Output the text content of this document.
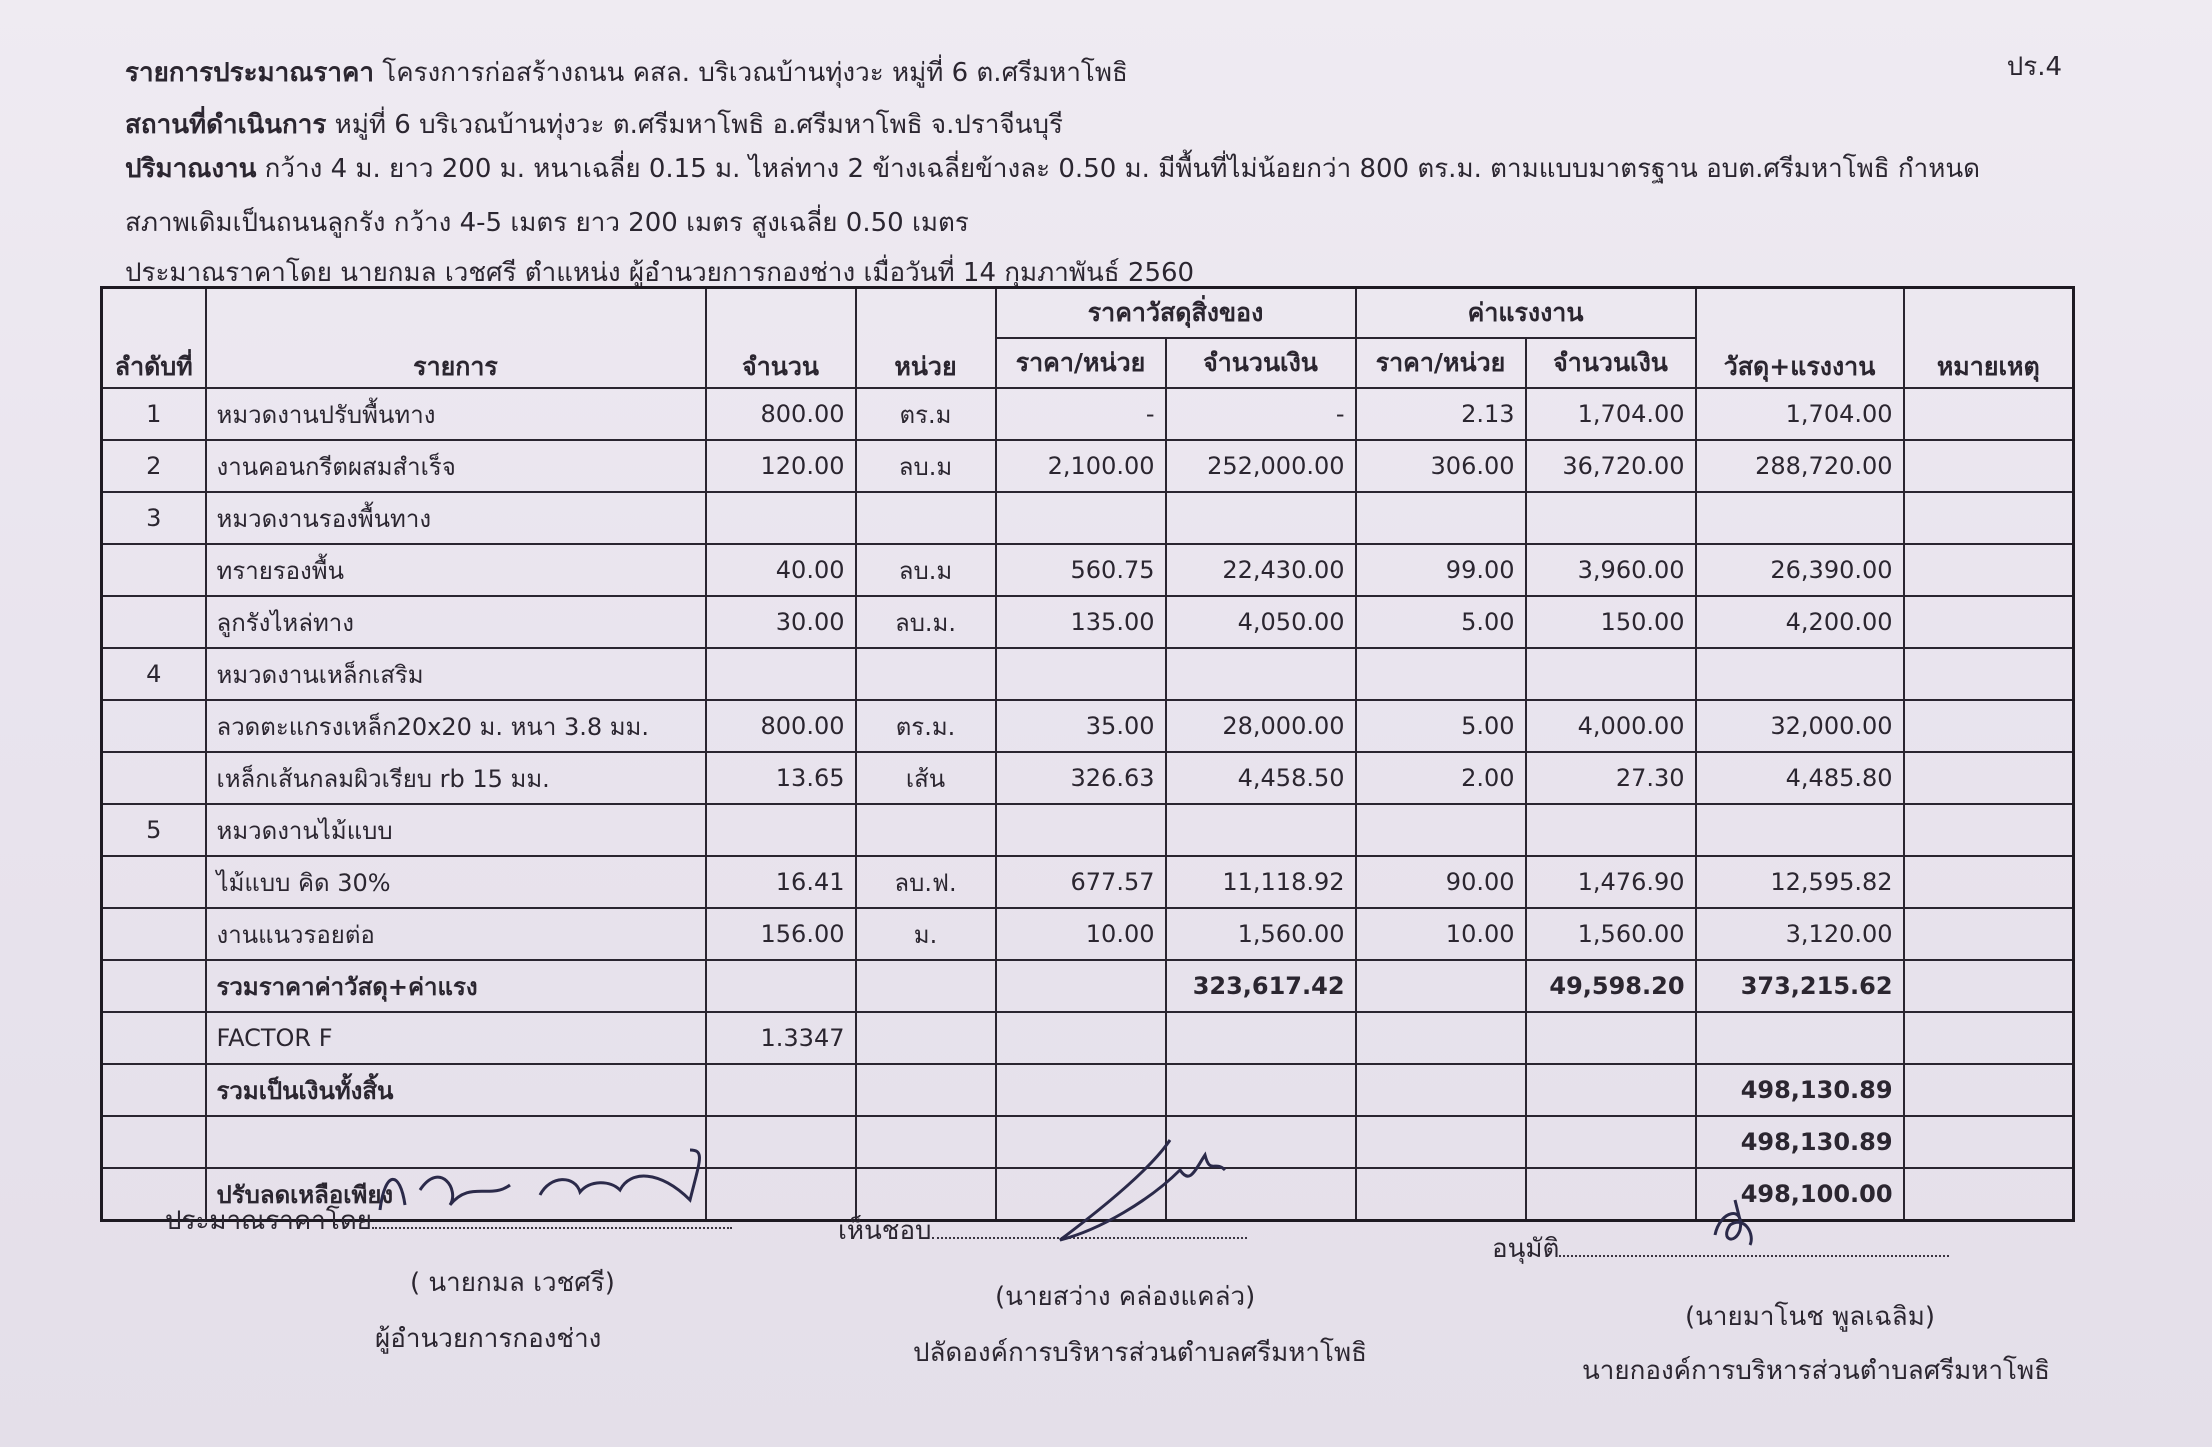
ปร.4
รายการประมาณราคา โครงการก่อสร้างถนน คสล. บริเวณบ้านทุ่งวะ หมู่ที่ 6 ต.ศรีมหาโพธิ
สถานที่ดำเนินการ หมู่ที่ 6 บริเวณบ้านทุ่งวะ ต.ศรีมหาโพธิ อ.ศรีมหาโพธิ จ.ปราจีนบุรี
ปริมาณงาน กว้าง 4 ม. ยาว 200 ม. หนาเฉลี่ย 0.15 ม. ไหล่ทาง 2 ข้างเฉลี่ยข้างละ 0.50 ม. มีพื้นที่ไม่น้อยกว่า 800 ตร.ม. ตามแบบมาตรฐาน อบต.ศรีมหาโพธิ กำหนด
สภาพเดิมเป็นถนนลูกรัง กว้าง 4-5 เมตร ยาว 200 เมตร สูงเฉลี่ย 0.50 เมตร
ประมาณราคาโดย นายกมล เวชศรี ตำแหน่ง ผู้อำนวยการกองช่าง เมื่อวันที่ 14 กุมภาพันธ์ 2560
ลำดับที่	รายการ	จำนวน	หน่วย	ราคาวัสดุสิ่งของ		ค่าแรงงาน		วัสดุ+แรงงาน	หมายเหตุ
				ราคา/หน่วย	จำนวนเงิน	ราคา/หน่วย	จำนวนเงิน		
1	หมวดงานปรับพื้นทาง	800.00	ตร.ม	-	-	2.13	1,704.00	1,704.00	
2	งานคอนกรีตผสมสำเร็จ	120.00	ลบ.ม	2,100.00	252,000.00	306.00	36,720.00	288,720.00	
3	หมวดงานรองพื้นทาง								
	ทรายรองพื้น	40.00	ลบ.ม	560.75	22,430.00	99.00	3,960.00	26,390.00	
	ลูกรังไหล่ทาง	30.00	ลบ.ม.	135.00	4,050.00	5.00	150.00	4,200.00	
4	หมวดงานเหล็กเสริม								
	ลวดตะแกรงเหล็ก20x20 ม. หนา 3.8 มม.	800.00	ตร.ม.	35.00	28,000.00	5.00	4,000.00	32,000.00	
	เหล็กเส้นกลมผิวเรียบ rb 15 มม.	13.65	เส้น	326.63	4,458.50	2.00	27.30	4,485.80	
5	หมวดงานไม้แบบ								
	ไม้แบบ คิด 30%	16.41	ลบ.ฟ.	677.57	11,118.92	90.00	1,476.90	12,595.82	
	งานแนวรอยต่อ	156.00	ม.	10.00	1,560.00	10.00	1,560.00	3,120.00	
	รวมราคาค่าวัสดุ+ค่าแรง				323,617.42		49,598.20	373,215.62	
	FACTOR F	1.3347							
	รวมเป็นเงินทั้งสิ้น							498,130.89	
								498,130.89	
	ปรับลดเหลือเพียง							498,100.00	
ประมาณราคาโดย
( นายกมล เวชศรี)
ผู้อำนวยการกองช่าง
เห็นชอบ
(นายสว่าง คล่องแคล่ว)
ปลัดองค์การบริหารส่วนตำบลศรีมหาโพธิ
อนุมัติ
(นายมาโนช พูลเฉลิม)
นายกองค์การบริหารส่วนตำบลศรีมหาโพธิ
